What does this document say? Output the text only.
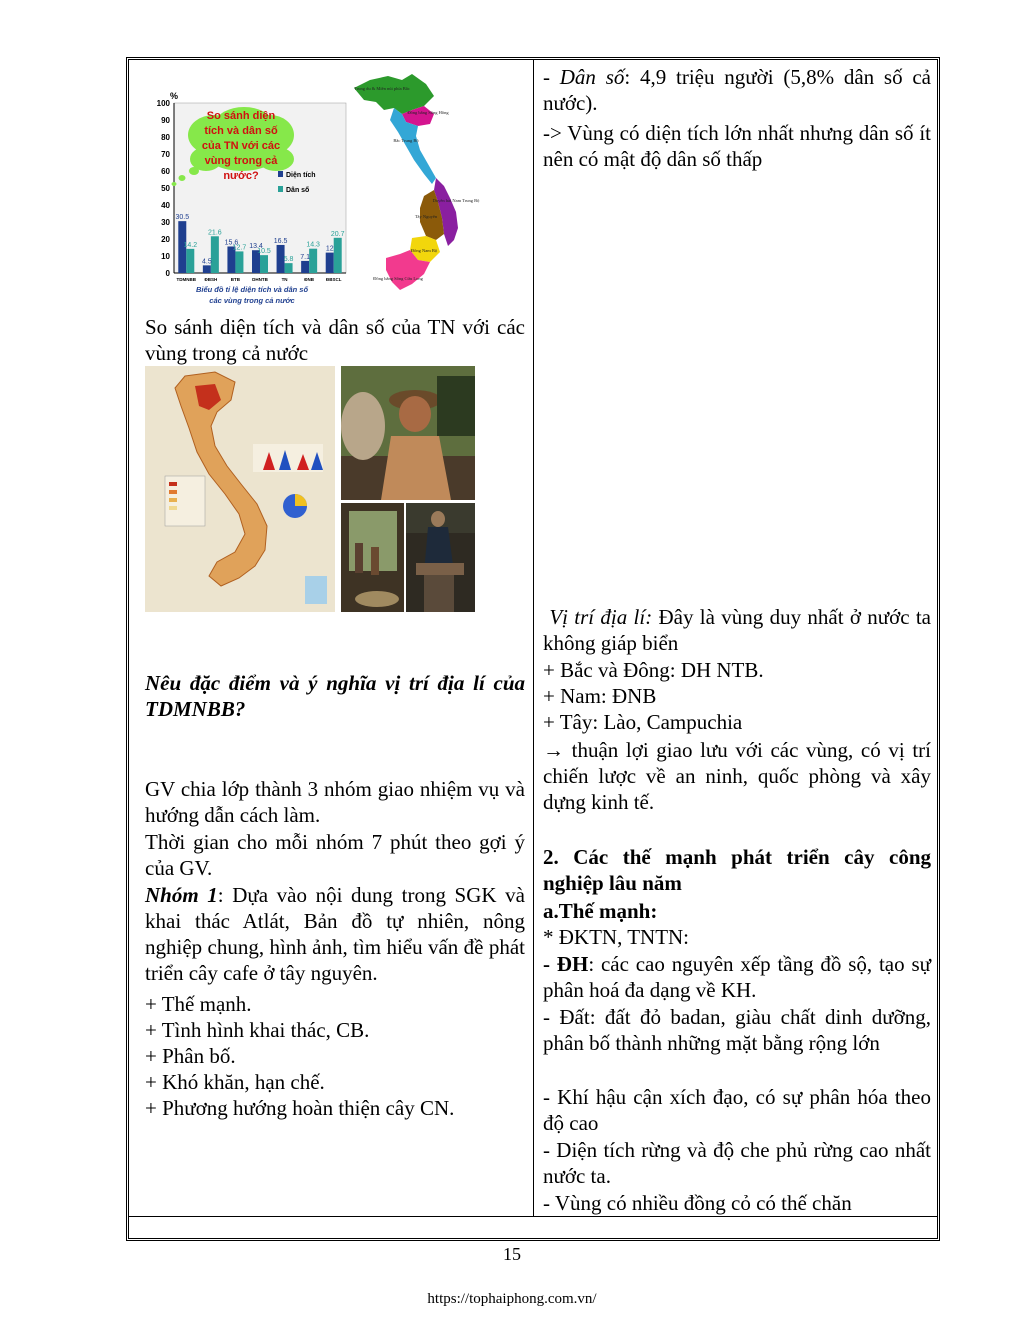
%
0
10
20
30
40
50
60
70
80
90
100
30.5
14.2
TDMNBB
4.5
21.6
ĐBSH
15.6
12.7
BTB
13.4
10.5
DHNTB
16.5
5.8
TN
7.1
14.3
ĐNB
12
20.7
ĐBSCL
Diện tích
Dân số
So sánh diện tích và dân số của TN với các vùng trong cả nước?
Biểu đồ tỉ lệ diện tích và dân số các vùng trong cả nước
Trung du & Miền núi phía Bắc
Đồng bằng Sông Hồng
Bắc Trung Bộ
Duyên hải Nam Trung Bộ
Tây Nguyên
Đông Nam Bộ
Đồng bằng Sông Cửu Long
So sánh diện tích và dân số của TN với các vùng trong cả nước
Nêu đặc điểm và ý nghĩa vị trí địa lí của TDMNBB?
GV chia lớp thành 3 nhóm giao nhiệm vụ và hướng dẫn cách làm.
Thời gian cho mỗi nhóm 7 phút theo gợi ý của GV.
Nhóm 1: Dựa vào nội dung trong SGK và khai thác Atlát, Bản đồ tự nhiên, nông nghiệp chung, hình ảnh, tìm hiểu vấn đề phát triển cây cafe ở tây nguyên.
+ Thế mạnh.
+ Tình hình khai thác, CB.
+ Phân bố.
+ Khó khăn, hạn chế.
+ Phương hướng hoàn thiện cây CN.
- Dân số: 4,9 triệu người (5,8% dân số cả nước).
-> Vùng có diện tích lớn nhất nhưng dân số ít nên có mật độ dân số thấp
Vị trí địa lí: Đây là vùng duy nhất ở nước ta không giáp biển
+ Bắc và Đông: DH NTB.
+ Nam: ĐNB
+ Tây: Lào, Campuchia
→ thuận lợi giao lưu với các vùng, có vị trí chiến lược về an ninh, quốc phòng và xây dựng kinh tế.
2. Các thế mạnh phát triển cây công nghiệp lâu năm
a.Thế mạnh:
* ĐKTN, TNTN:
- ĐH: các cao nguyên xếp tầng đồ sộ, tạo sự phân hoá đa dạng về KH.
- Đất: đất đỏ badan, giàu chất dinh dưỡng, phân bố thành những mặt bằng rộng lớn
- Khí hậu cận xích đạo, có sự phân hóa theo độ cao
- Diện tích rừng và độ che phủ rừng cao nhất nước ta.
- Vùng có nhiều đồng cỏ có thế chăn
15
https://tophaiphong.com.vn/
